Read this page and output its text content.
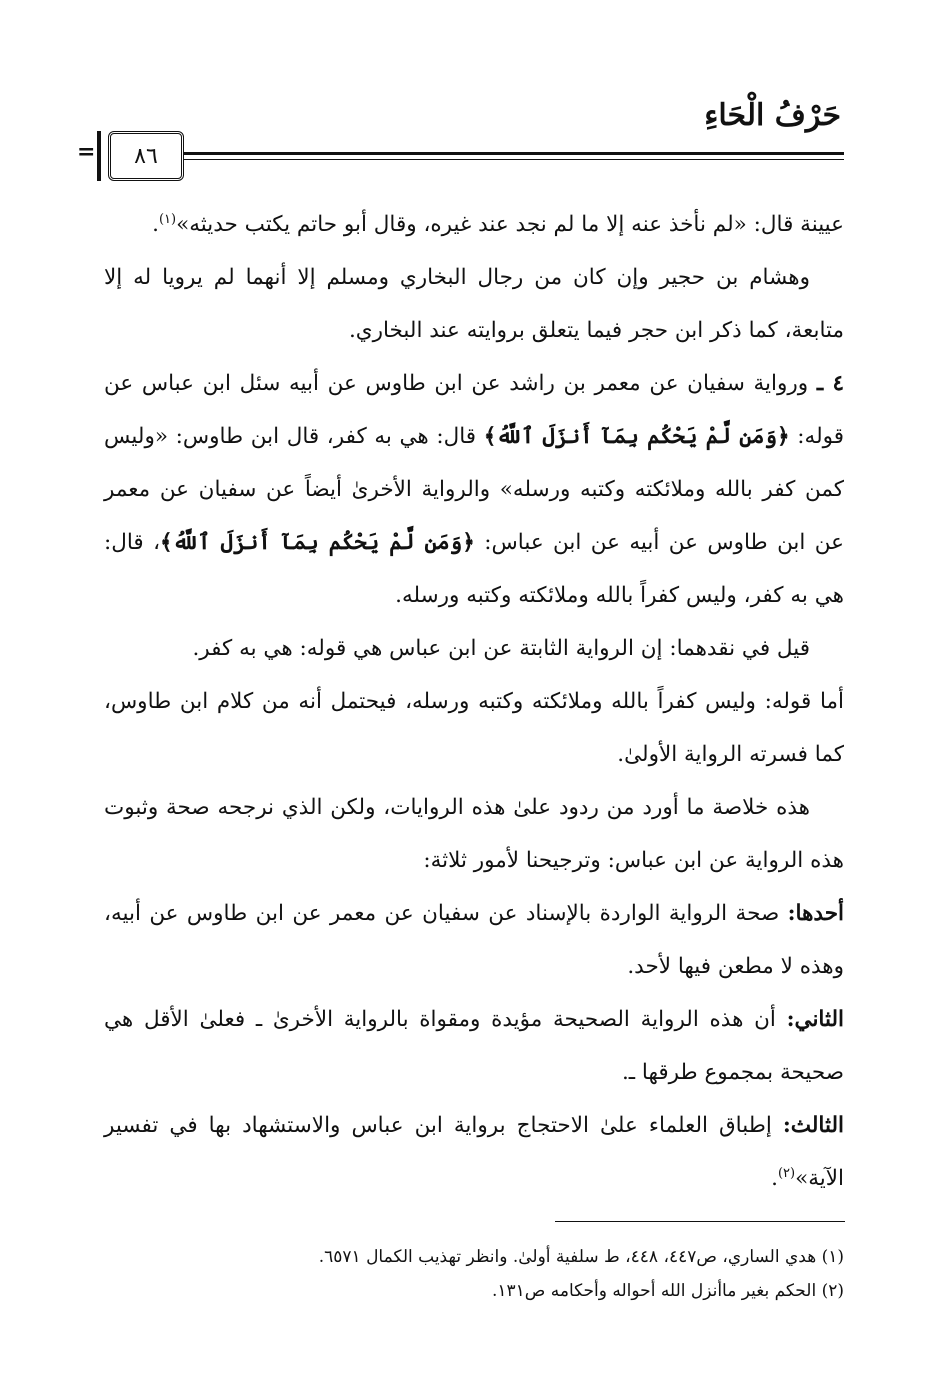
حَرْفُ الْحَاءِ
٨٦
=

عيينة قال: «لم نأخذ عنه إلا ما لم نجد عند غيره، وقال أبو حاتم يكتب حديثه»$^{(١)}$.

وهشام بن حجير وإن كان من رجال البخاري ومسلم إلا أنهما لم يرويا له إلا متابعة، كما ذكر ابن حجر فيما يتعلق بروايته عند البخاري.

٤ ـ ورواية سفيان عن معمر بن راشد عن ابن طاوس عن أبيه سئل ابن عباس عن قوله: ﴿وَمَن لَّمْ يَحْكُم بِمَآ أَنزَلَ ٱللَّهُ﴾ قال: هي به كفر، قال ابن طاوس: «وليس كمن كفر بالله وملائكته وكتبه ورسله» والرواية الأخرىٰ أيضاً عن سفيان عن معمر عن ابن طاوس عن أبيه عن ابن عباس: ﴿وَمَن لَّمْ يَحْكُم بِمَآ أَنزَلَ ٱللَّهُ﴾، قال: هي به كفر، وليس كفراً بالله وملائكته وكتبه ورسله.

قيل في نقدهما: إن الرواية الثابتة عن ابن عباس هي قوله: هي به كفر.

أما قوله: وليس كفراً بالله وملائكته وكتبه ورسله، فيحتمل أنه من كلام ابن طاوس، كما فسرته الرواية الأولىٰ.

هذه خلاصة ما أورد من ردود علىٰ هذه الروايات، ولكن الذي نرجحه صحة وثبوت هذه الرواية عن ابن عباس: وترجيحنا لأمور ثلاثة:

أحدها: صحة الرواية الواردة بالإسناد عن سفيان عن معمر عن ابن طاوس عن أبيه، وهذه لا مطعن فيها لأحد.

الثاني: أن هذه الرواية الصحيحة مؤيدة ومقواة بالرواية الأخرىٰ ـ فعلىٰ الأقل هي صحيحة بمجموع طرقها ـ.

الثالث: إطباق العلماء علىٰ الاحتجاج برواية ابن عباس والاستشهاد بها في تفسير الآية»$^{(٢)}$.

(١) هدي الساري، ص٤٤٧، ٤٤٨، ط سلفية أولىٰ. وانظر تهذيب الكمال ٦٥٧١.

(٢) الحكم بغير ماأنزل الله أحواله وأحكامه ص١٣١.
